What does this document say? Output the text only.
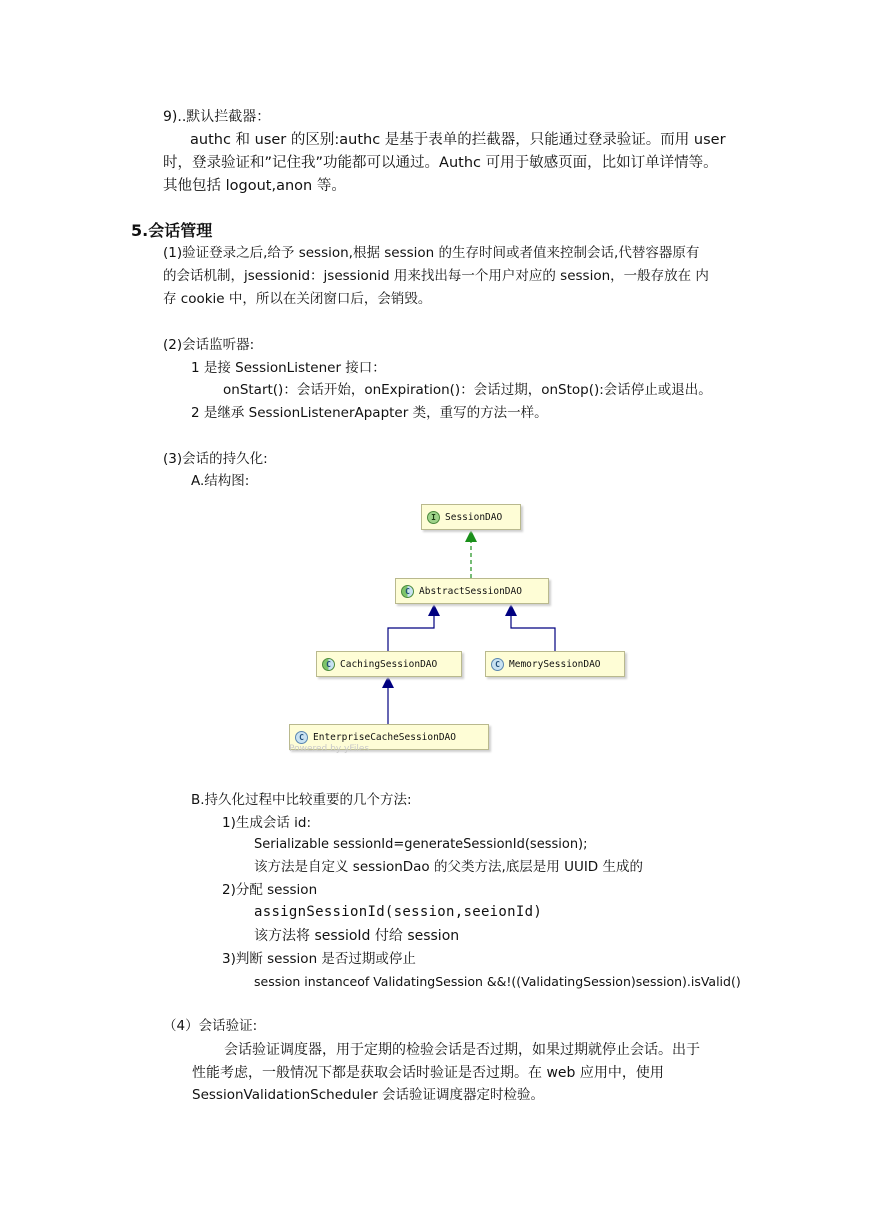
9)..默认拦截器：
authc 和 user 的区别:authc 是基于表单的拦截器，只能通过登录验证。而用 user
时，登录验证和”记住我”功能都可以通过。Authc 可用于敏感页面，比如订单详情等。
其他包括 logout,anon 等。
5.会话管理
(1)验证登录之后,给予 session,根据 session 的生存时间或者值来控制会话,代替容器原有
的会话机制，jsessionid：jsessionid 用来找出每一个用户对应的 session，一般存放在 内
存 cookie 中，所以在关闭窗口后，会销毁。
(2)会话监听器:
1 是接 SessionListener 接口：
onStart()：会话开始，onExpiration()：会话过期，onStop():会话停止或退出。
2 是继承 SessionListenerApapter 类，重写的方法一样。
(3)会话的持久化:
A.结构图:
I SessionDAO
C AbstractSessionDAO
C CachingSessionDAO	C MemorySessionDAO
C EnterpriseCacheSessionDAO
Powered by yFiles
B.持久化过程中比较重要的几个方法:
1)生成会话 id:
Serializable sessionId=generateSessionId(session);
该方法是自定义 sessionDao 的父类方法,底层是用 UUID 生成的
2)分配 session
assignSessionId(session,seeionId)
该方法将 sessioId 付给 session
3)判断 session 是否过期或停止
session instanceof ValidatingSession &&!((ValidatingSession)session).isValid()
（4）会话验证:
会话验证调度器，用于定期的检验会话是否过期，如果过期就停止会话。出于
性能考虑，一般情况下都是获取会话时验证是否过期。在 web 应用中，使用
SessionValidationScheduler 会话验证调度器定时检验。
